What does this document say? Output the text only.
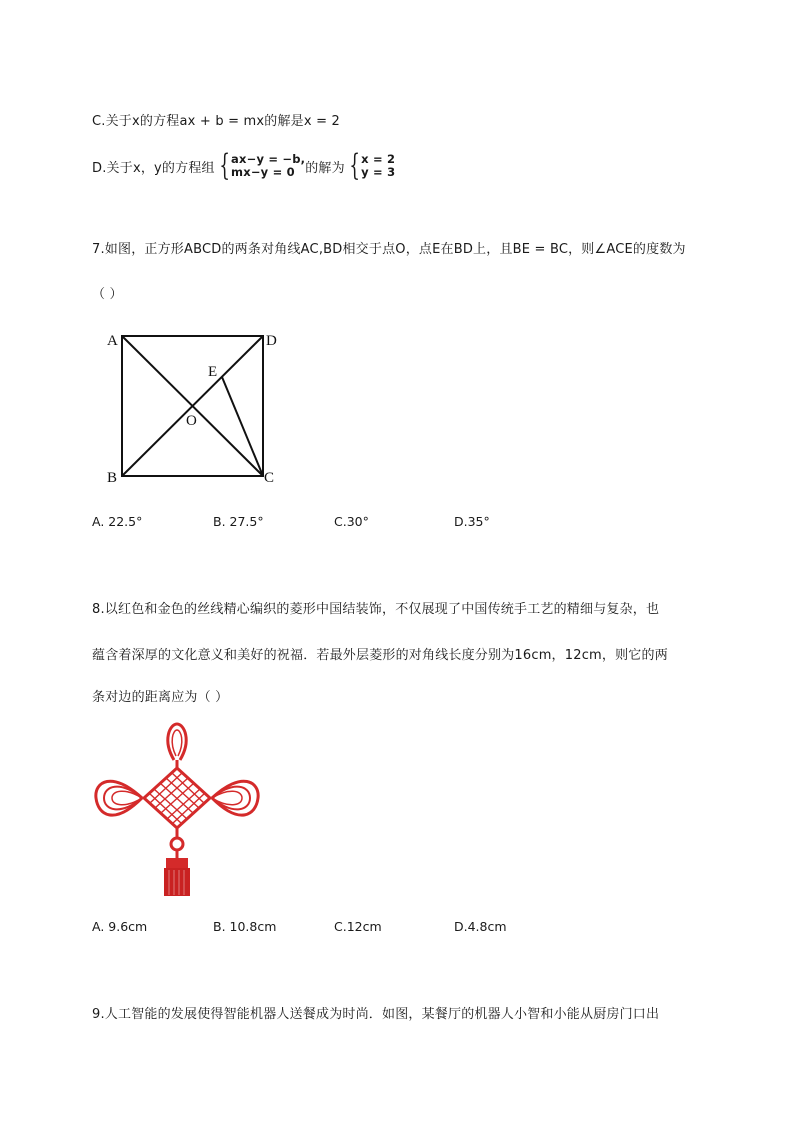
C.关于x的方程ax + b = mx的解是x = 2
D.关于x，y的方程组 { ax−y = −b,
mx−y = 0 的解为 { x = 2
y = 3
7.如图，正方形ABCD的两条对角线AC,BD相交于点O，点E在BD上，且BE = BC，则∠ACE的度数为
（ ）
A	D
B	C
E
O
A. 22.5°	B. 27.5°	C.30°	D.35°
8.以红色和金色的丝线精心编织的菱形中国结装饰，不仅展现了中国传统手工艺的精细与复杂，也
蕴含着深厚的文化意义和美好的祝福．若最外层菱形的对角线长度分别为16cm，12cm，则它的两
条对边的距离应为（ ）
A. 9.6cm	B. 10.8cm	C.12cm	D.4.8cm
9.人工智能的发展使得智能机器人送餐成为时尚．如图，某餐厅的机器人小智和小能从厨房门口出
